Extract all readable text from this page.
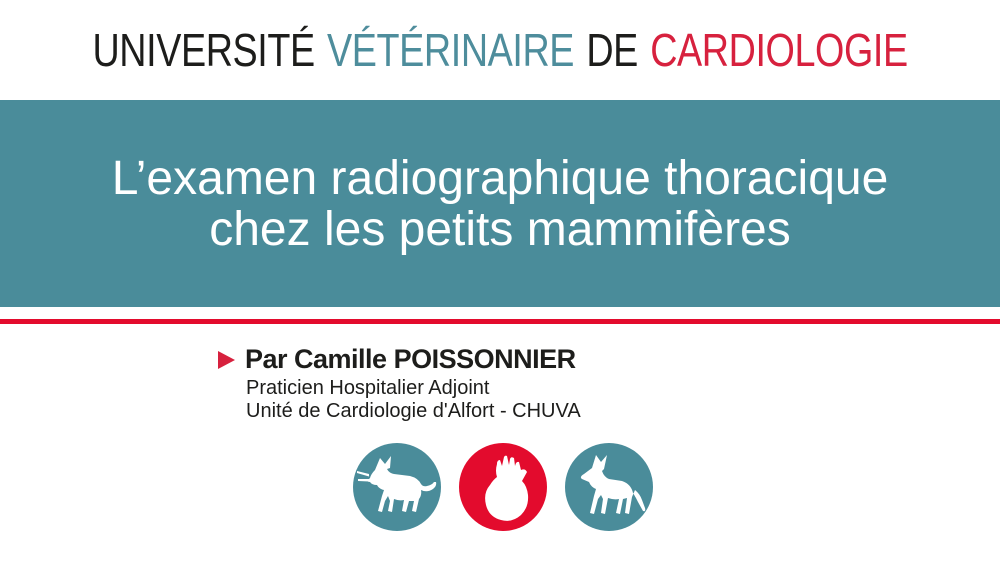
UNIVERSITÉ VÉTÉRINAIRE DE CARDIOLOGIE
L’examen radiographique thoracique
chez les petits mammifères
Par Camille POISSONNIER
Praticien Hospitalier Adjoint
Unité de Cardiologie d'Alfort - CHUVA
